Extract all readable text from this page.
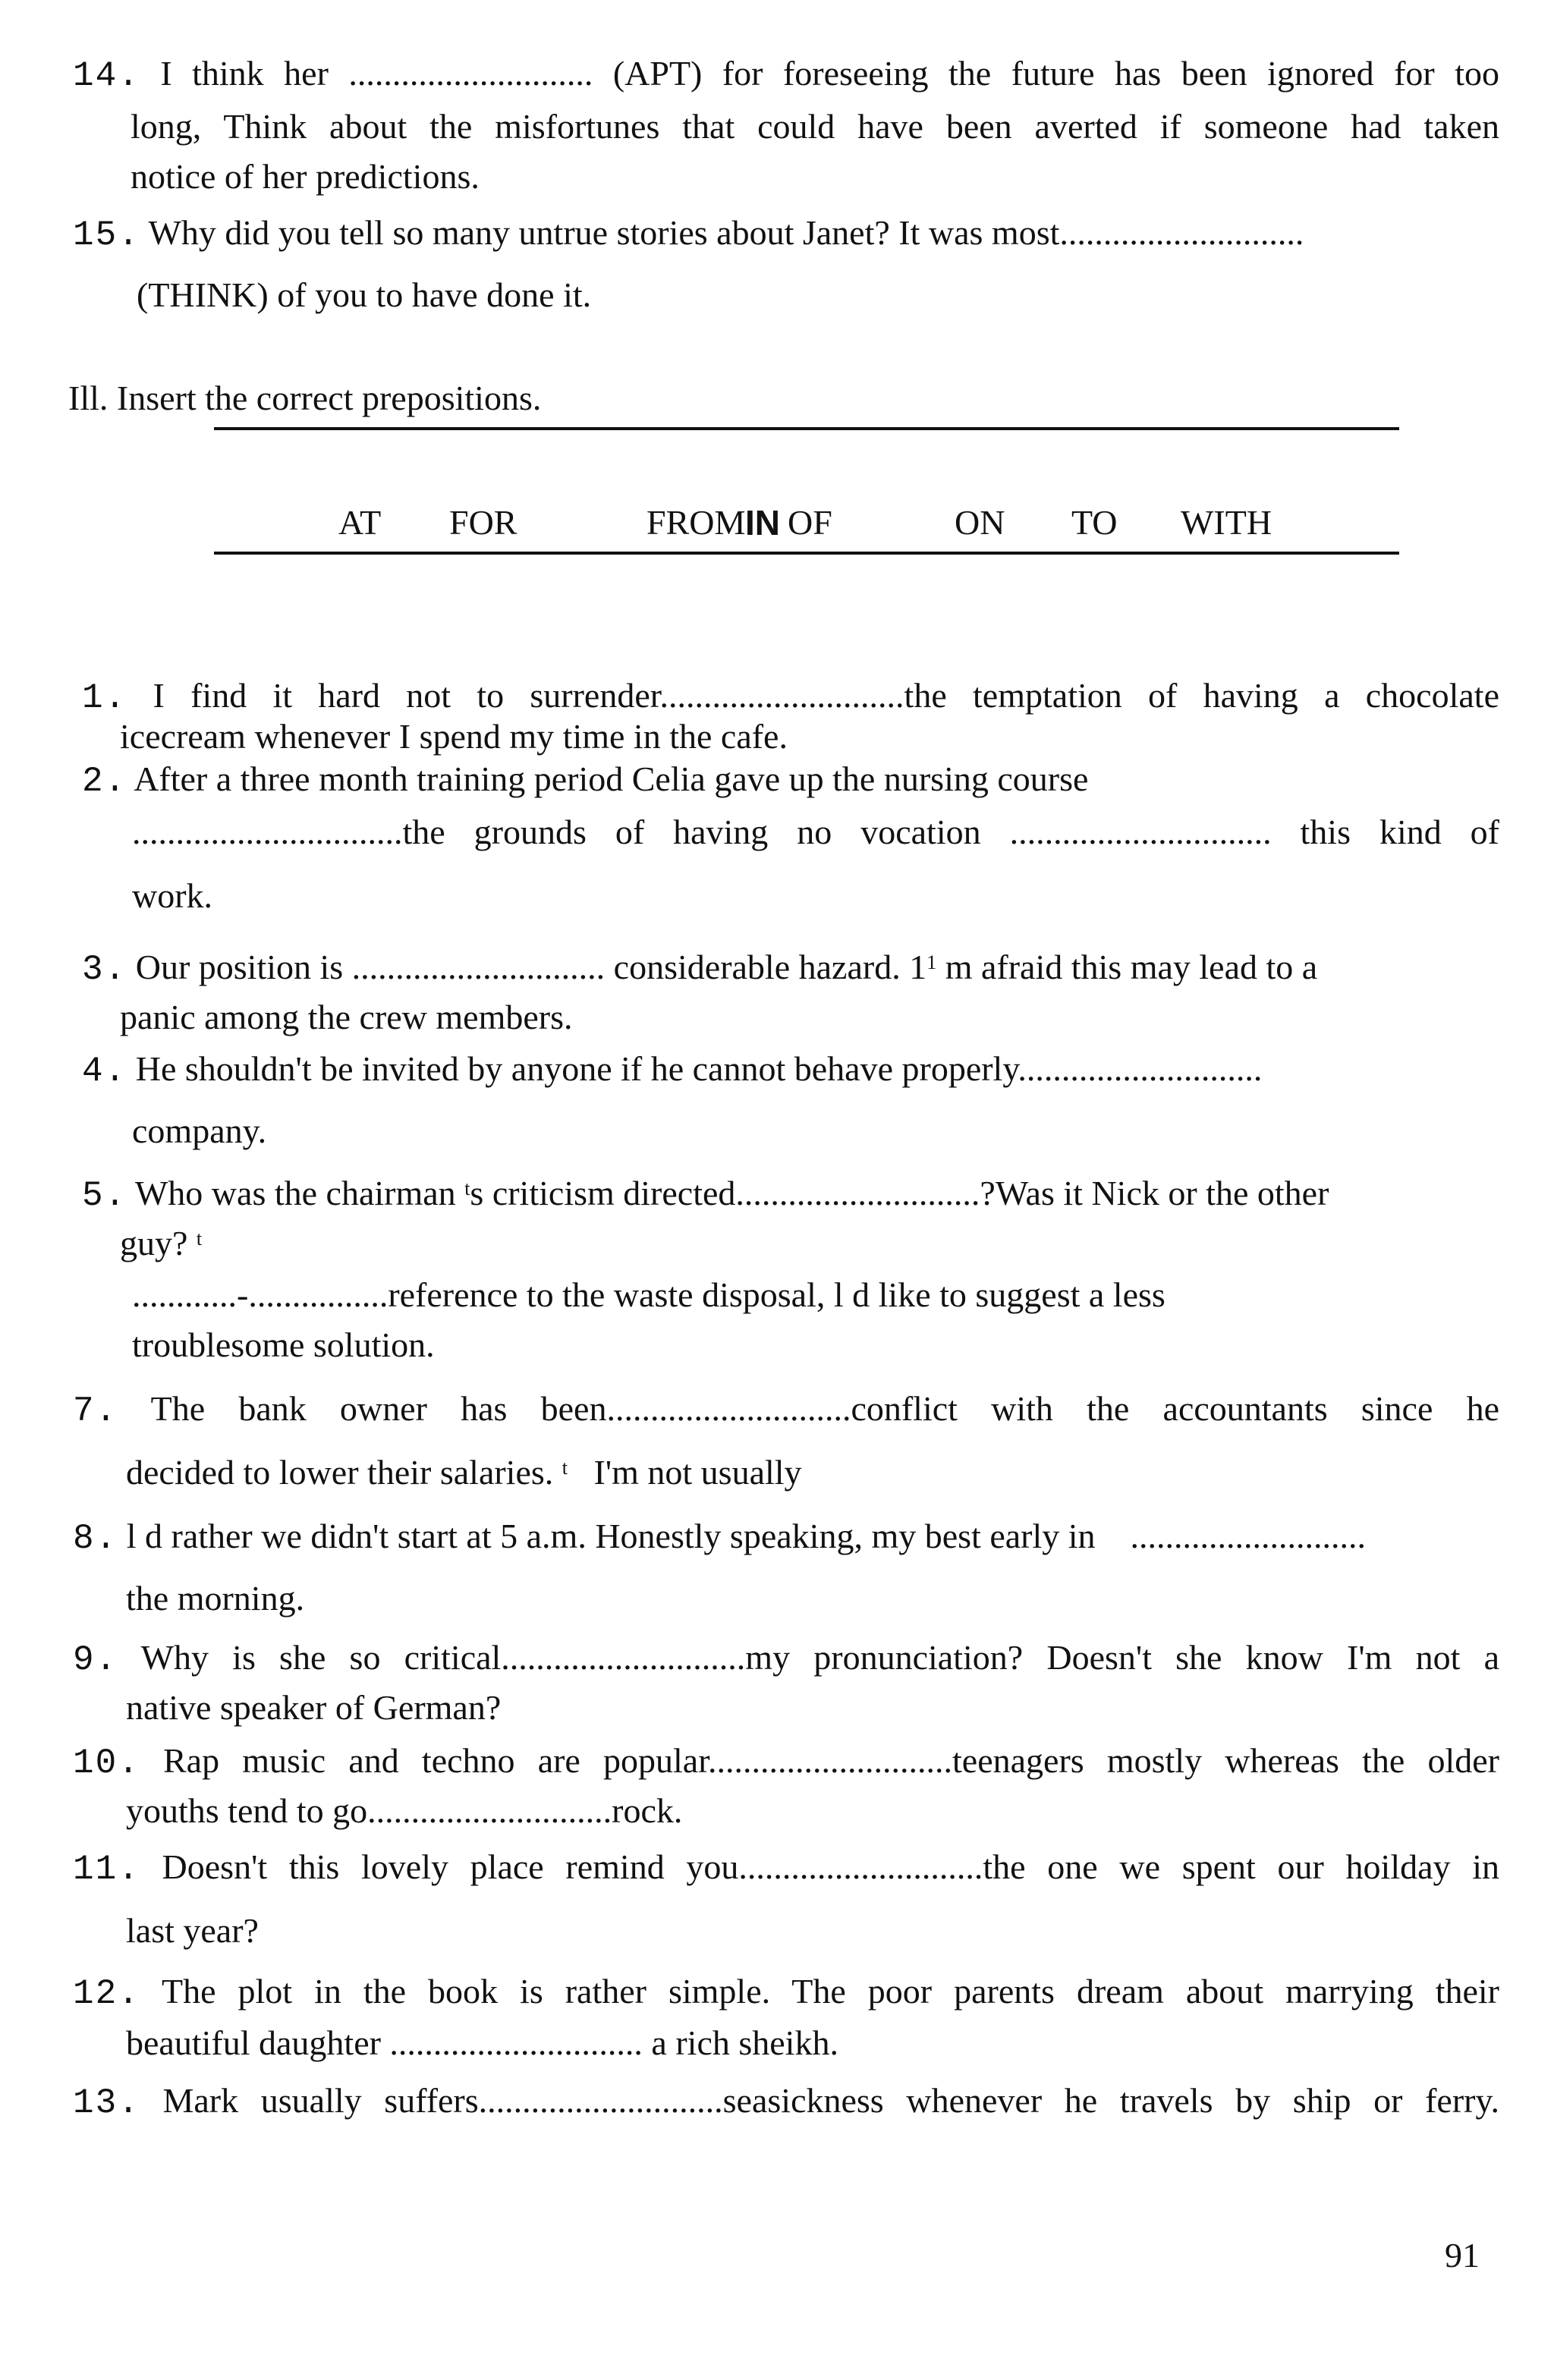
14. I think her ............................ (APT) for foreseeing the future has been ignored for too
long, Think about the misfortunes that could have been averted if someone had taken
notice of her predictions.
15. Why did you tell so many untrue stories about Janet? It was most............................
(THINK) of you to have done it.
Ill. Insert the correct prepositions.
AT FOR	FROM IN OF	ON TO WITH
1. I find it hard not to surrender............................the temptation of having a chocolate
icecream whenever I spend my time in the cafe.
2. After a three month training period Celia gave up the nursing course
...............................the grounds of having no vocation .............................. this kind of
work.
3. Our position is ............................. considerable hazard. $1^1$ m afraid this may lead to a
panic among the crew members.
4. He shouldn't be invited by anyone if he cannot behave properly............................
company.
5. Who was the chairman $^t$s criticism directed............................?Was it Nick or the other
guy? $^t$
............-................reference to the waste disposal, l d like to suggest a less
troublesome solution.
7. The bank owner has been............................conflict with the accountants since he
decided to lower their salaries. $^t$ I'm not usually
8. l d rather we didn't start at 5 a.m. Honestly speaking, my best early in ...........................
the morning.
9. Why is she so critical............................my pronunciation? Doesn't she know I'm not a
native speaker of German?
10. Rap music and techno are popular............................teenagers mostly whereas the older
youths tend to go............................rock.
11. Doesn't this lovely place remind you............................the one we spent our hoilday in
last year?
12. The plot in the book is rather simple. The poor parents dream about marrying their
beautiful daughter ............................. a rich sheikh.
13. Mark usually suffers............................seasickness whenever he travels by ship or ferry.
91
